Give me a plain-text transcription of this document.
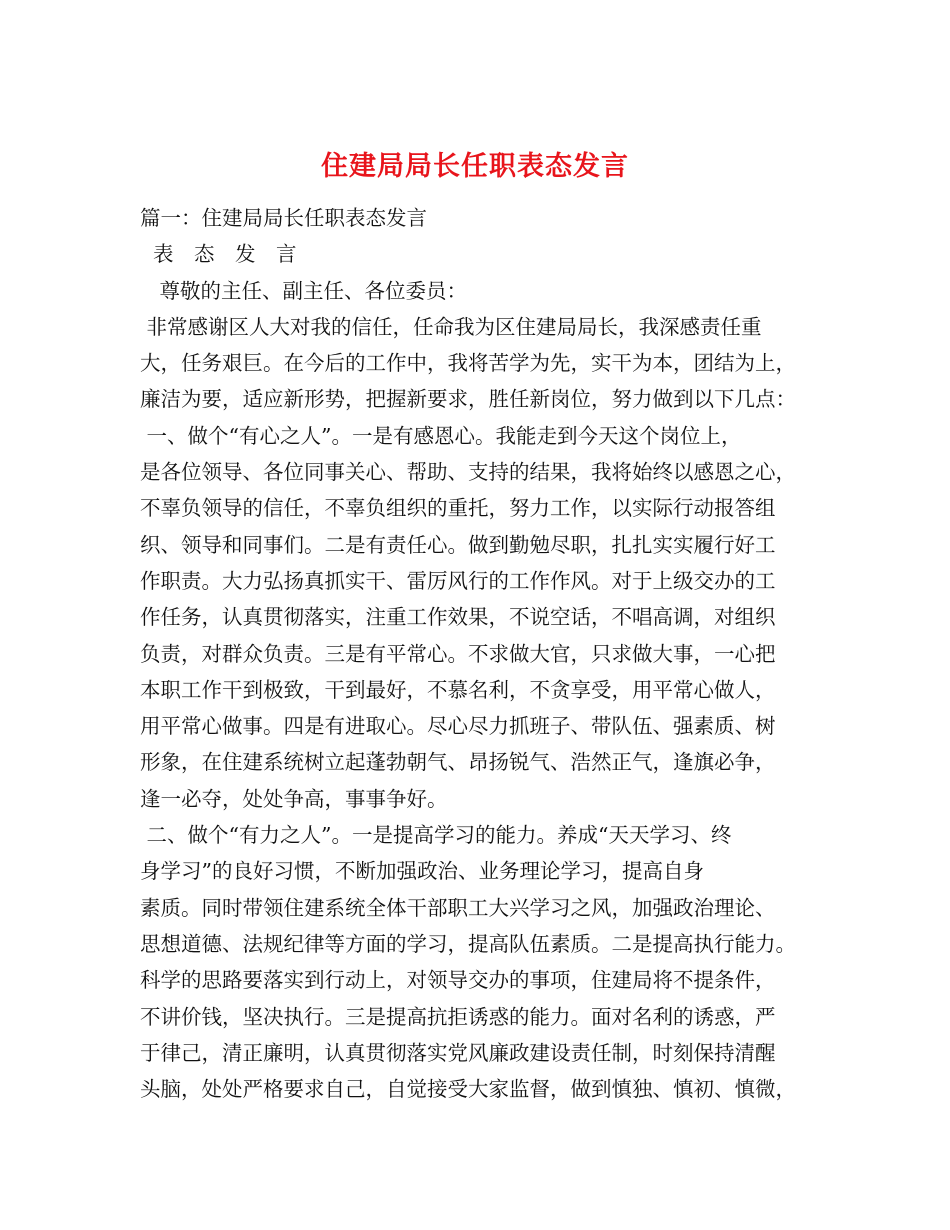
住建局局长任职表态发言
篇一：住建局局长任职表态发言
表　态　发　言
尊敬的主任、副主任、各位委员：
非常感谢区人大对我的信任，任命我为区住建局局长，我深感责任重
大，任务艰巨。在今后的工作中，我将苦学为先，实干为本，团结为上，
廉洁为要，适应新形势，把握新要求，胜任新岗位，努力做到以下几点：
一、做个“有心之人”。一是有感恩心。我能走到今天这个岗位上，
是各位领导、各位同事关心、帮助、支持的结果，我将始终以感恩之心，
不辜负领导的信任，不辜负组织的重托，努力工作，以实际行动报答组
织、领导和同事们。二是有责任心。做到勤勉尽职，扎扎实实履行好工
作职责。大力弘扬真抓实干、雷厉风行的工作作风。对于上级交办的工
作任务，认真贯彻落实，注重工作效果，不说空话，不唱高调，对组织
负责，对群众负责。三是有平常心。不求做大官，只求做大事，一心把
本职工作干到极致，干到最好，不慕名利，不贪享受，用平常心做人，
用平常心做事。四是有进取心。尽心尽力抓班子、带队伍、强素质、树
形象，在住建系统树立起蓬勃朝气、昂扬锐气、浩然正气，逢旗必争，
逢一必夺，处处争高，事事争好。
二、做个“有力之人”。一是提高学习的能力。养成“天天学习、终
身学习”的良好习惯，不断加强政治、业务理论学习，提高自身
素质。同时带领住建系统全体干部职工大兴学习之风，加强政治理论、
思想道德、法规纪律等方面的学习，提高队伍素质。二是提高执行能力。
科学的思路要落实到行动上，对领导交办的事项，住建局将不提条件，
不讲价钱，坚决执行。三是提高抗拒诱惑的能力。面对名利的诱惑，严
于律己，清正廉明，认真贯彻落实党风廉政建设责任制，时刻保持清醒
头脑，处处严格要求自己，自觉接受大家监督，做到慎独、慎初、慎微，
